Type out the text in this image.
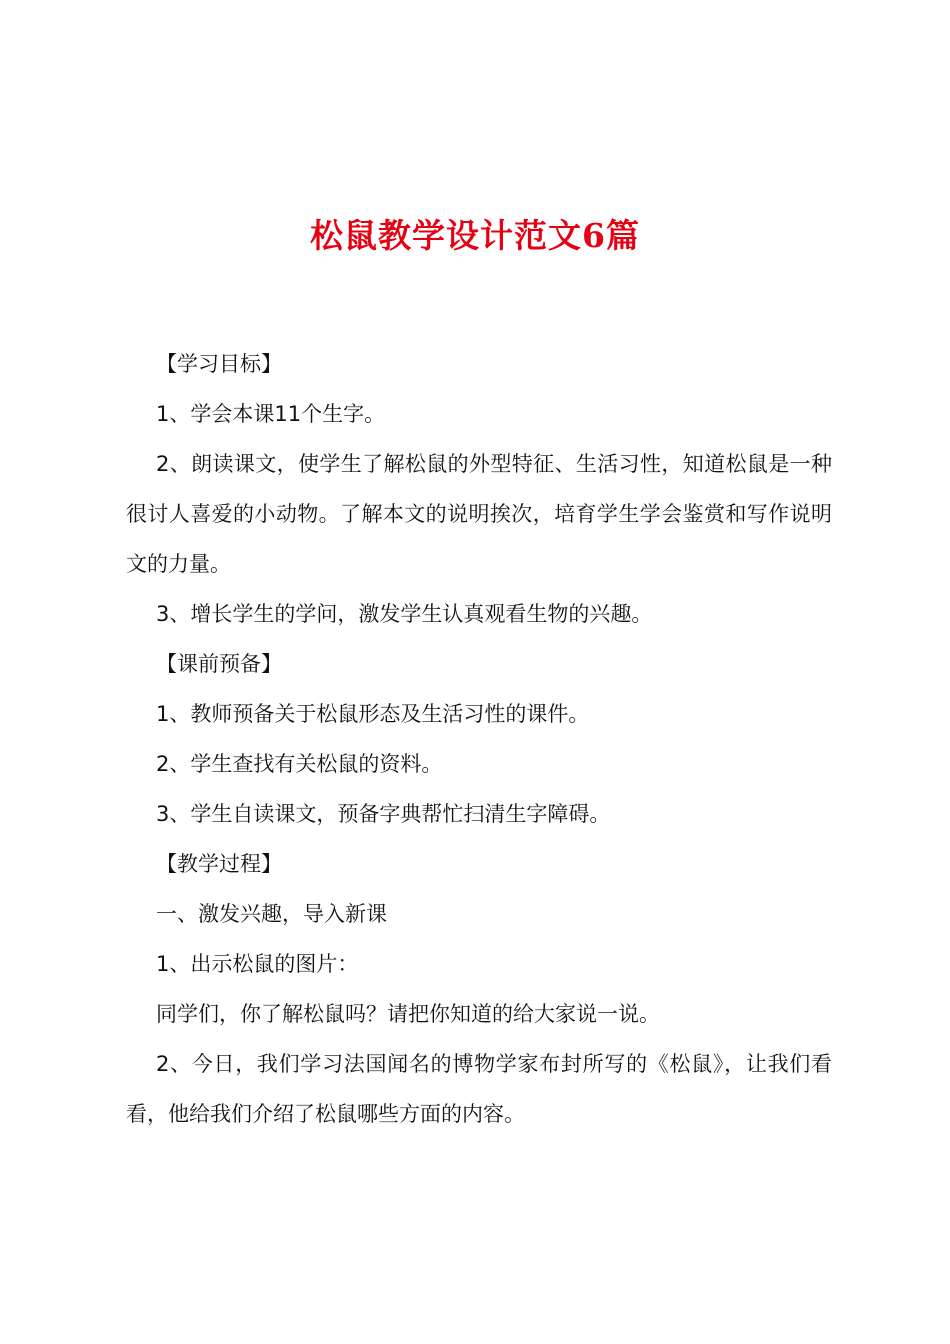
松鼠教学设计范文6篇

【学习目标】

1、学会本课11个生字。

2、朗读课文，使学生了解松鼠的外型特征、生活习性，知道松鼠是一种很讨人喜爱的小动物。了解本文的说明挨次，培育学生学会鉴赏和写作说明文的力量。

3、增长学生的学问，激发学生认真观看生物的兴趣。

【课前预备】

1、教师预备关于松鼠形态及生活习性的课件。

2、学生查找有关松鼠的资料。

3、学生自读课文，预备字典帮忙扫清生字障碍。

【教学过程】

一、激发兴趣，导入新课

1、出示松鼠的图片：

同学们，你了解松鼠吗？请把你知道的给大家说一说。

2、今日，我们学习法国闻名的博物学家布封所写的《松鼠》，让我们看看，他给我们介绍了松鼠哪些方面的内容。
